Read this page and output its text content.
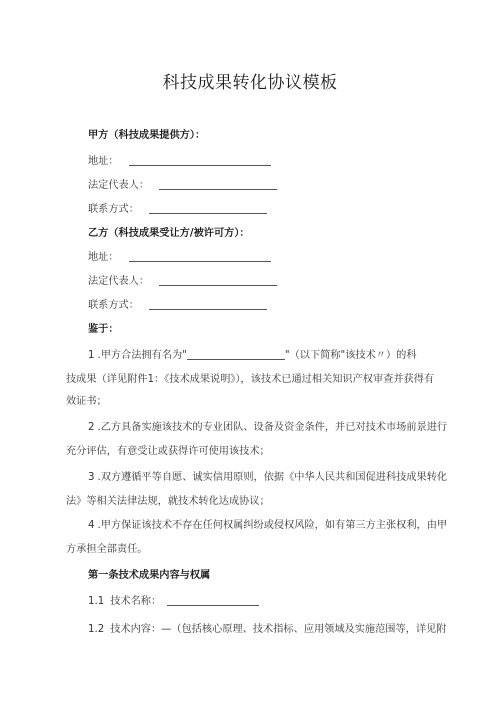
科技成果转化协议模板
甲方（科技成果提供方）：
地址：
法定代表人：
联系方式：
乙方（科技成果受让方/被许可方）：
地址：
法定代表人：
联系方式：
鉴于：
1 .甲方合法拥有名为"	"（以下简称"该技术〃）的科
技成果（详见附件1：《技术成果说明》），该技术已通过相关知识产权审查并获得有
效证书；
2 .乙方具备实施该技术的专业团队、设备及资金条件，并已对技术市场前景进行
充分评估，有意受让或获得许可使用该技术；
3 .双方遵循平等自愿、诚实信用原则，依据《中华人民共和国促进科技成果转化
法》等相关法律法规，就技术转化达成协议；
4 .甲方保证该技术不存在任何权属纠纷或侵权风险，如有第三方主张权利，由甲
方承担全部责任。
第一条技术成果内容与权属
1.1 技术名称：
1.2 技术内容：—（包括核心原理、技术指标、应用领域及实施范围等，详见附
